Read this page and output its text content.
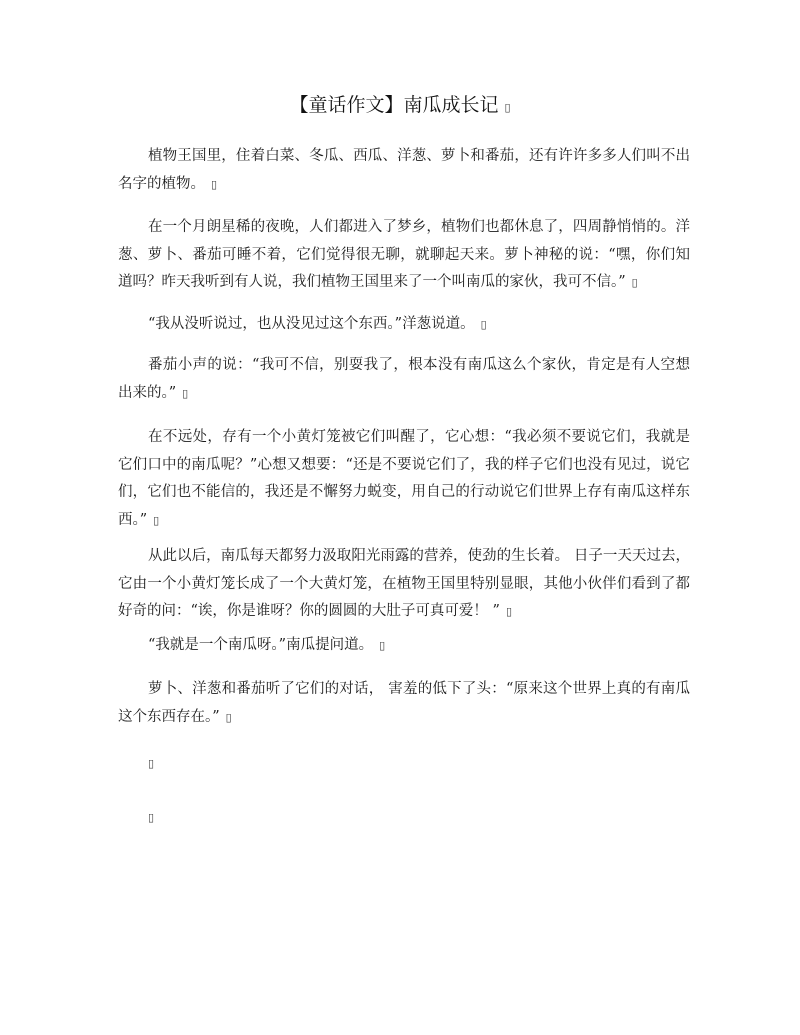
【童话作文】南瓜成长记 ▯
植物王国里，住着白菜、冬瓜、西瓜、洋葱、萝卜和番茄，还有许许多多人们叫不出名字的植物。 ▯
在一个月朗星稀的夜晚，人们都进入了梦乡，植物们也都休息了，四周静悄悄的。洋葱、萝卜、番茄可睡不着，它们觉得很无聊，就聊起天来。萝卜神秘的说：“嘿，你们知道吗？昨天我听到有人说，我们植物王国里来了一个叫南瓜的家伙，我可不信。” ▯
“我从没听说过，也从没见过这个东西。”洋葱说道。 ▯
番茄小声的说：“我可不信，别耍我了，根本没有南瓜这么个家伙，肯定是有人空想出来的。” ▯
在不远处，存有一个小黄灯笼被它们叫醒了，它心想：“我必须不要说它们，我就是它们口中的南瓜呢？”心想又想要：“还是不要说它们了，我的样子它们也没有见过，说它们，它们也不能信的，我还是不懈努力蜕变，用自己的行动说它们世界上存有南瓜这样东西。” ▯
从此以后，南瓜每天都努力汲取阳光雨露的营养，使劲的生长着。 日子一天天过去，它由一个小黄灯笼长成了一个大黄灯笼，在植物王国里特别显眼，其他小伙伴们看到了都好奇的问：“诶，你是谁呀？你的圆圆的大肚子可真可爱！ ” ▯
“我就是一个南瓜呀。”南瓜提问道。 ▯
萝卜、洋葱和番茄听了它们的对话， 害羞的低下了头：“原来这个世界上真的有南瓜这个东西存在。” ▯
▯
▯
